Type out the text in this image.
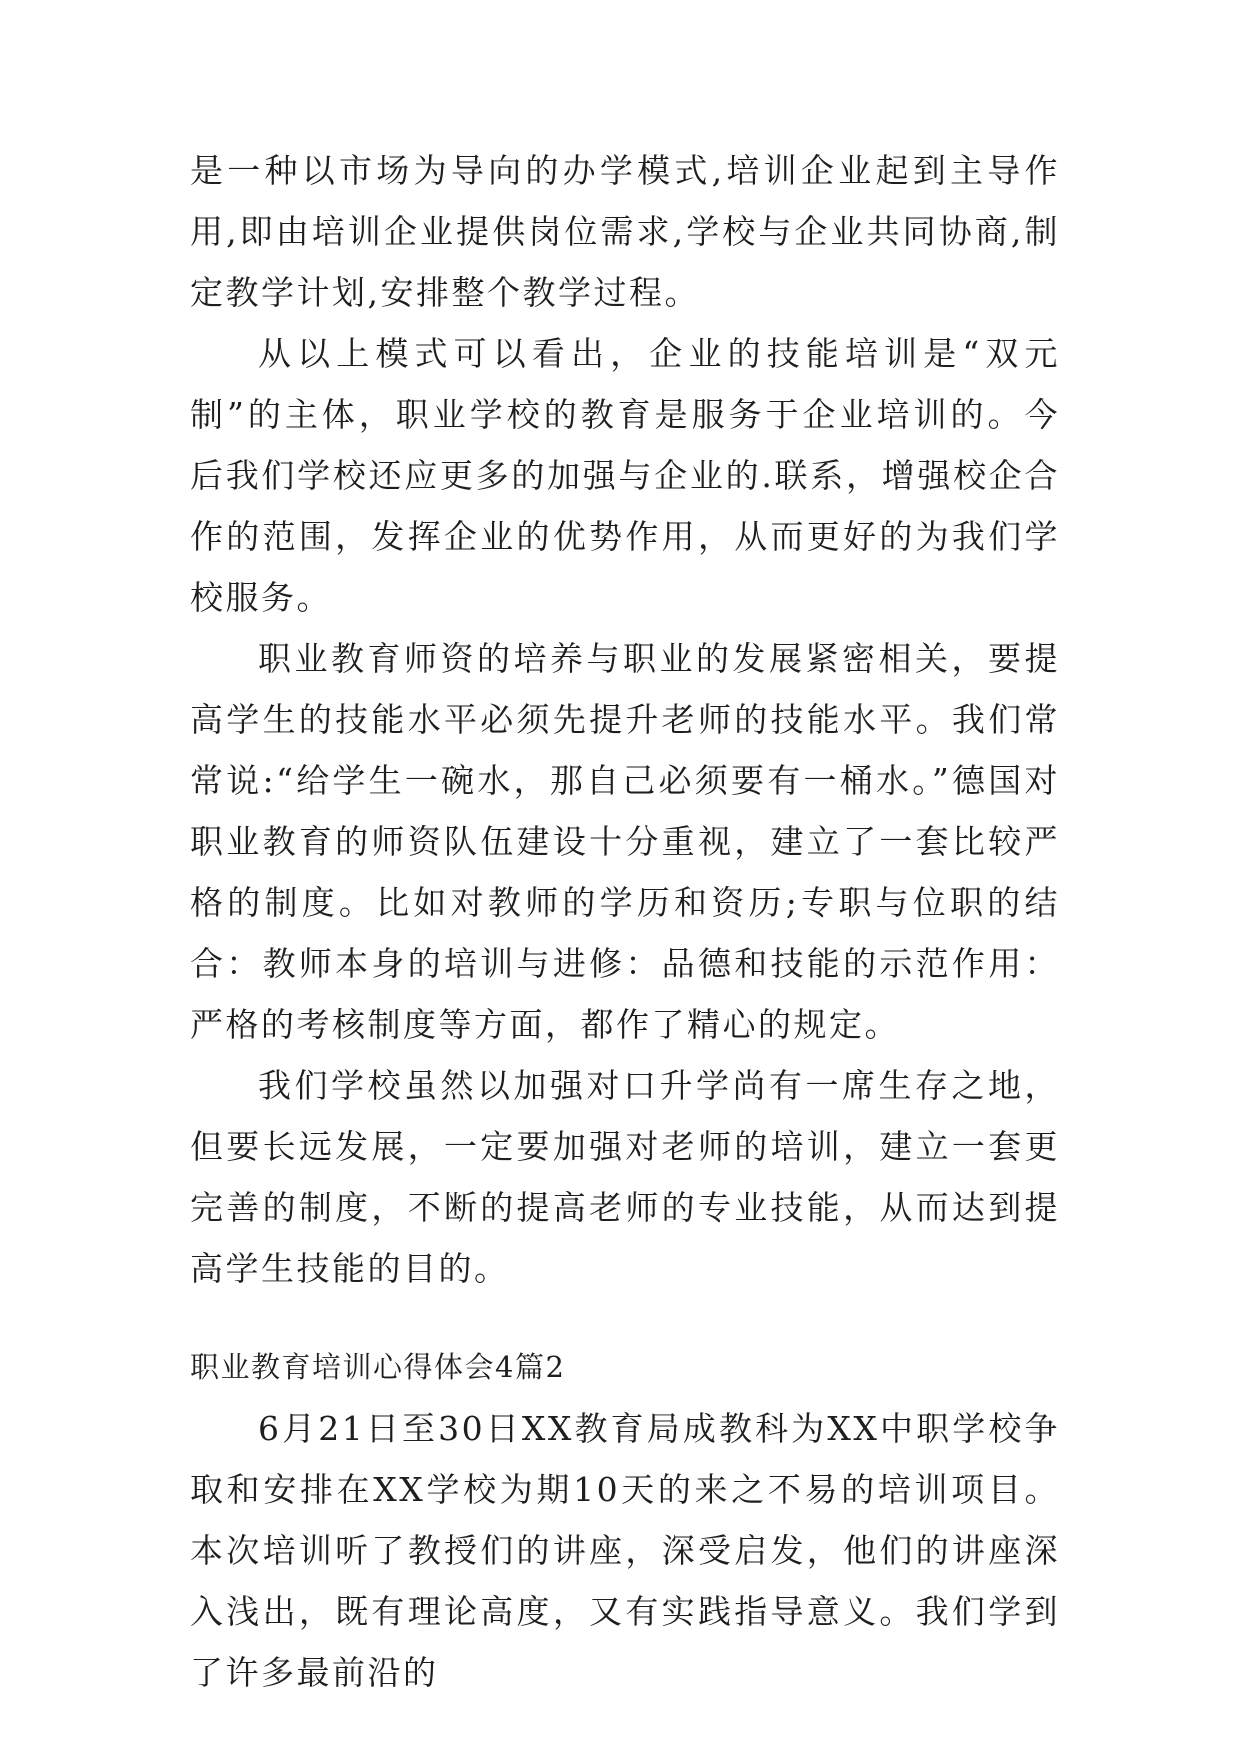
是一种以市场为导向的办学模式,培训企业起到主导作用,即由培训企业提供岗位需求,学校与企业共同协商,制定教学计划,安排整个教学过程。

从以上模式可以看出，企业的技能培训是“双元制”的主体，职业学校的教育是服务于企业培训的。今后我们学校还应更多的加强与企业的.联系，增强校企合作的范围，发挥企业的优势作用，从而更好的为我们学校服务。

职业教育师资的培养与职业的发展紧密相关，要提高学生的技能水平必须先提升老师的技能水平。我们常常说:“给学生一碗水，那自己必须要有一桶水。”德国对职业教育的师资队伍建设十分重视，建立了一套比较严格的制度。比如对教师的学历和资历;专职与位职的结合：教师本身的培训与进修：品德和技能的示范作用：严格的考核制度等方面，都作了精心的规定。

我们学校虽然以加强对口升学尚有一席生存之地，但要长远发展，一定要加强对老师的培训，建立一套更完善的制度，不断的提高老师的专业技能，从而达到提高学生技能的目的。

职业教育培训心得体会4篇2

6月21日至30日XX教育局成教科为XX中职学校争取和安排在XX学校为期10天的来之不易的培训项目。本次培训听了教授们的讲座，深受启发，他们的讲座深入浅出，既有理论高度，又有实践指导意义。我们学到了许多最前沿的
